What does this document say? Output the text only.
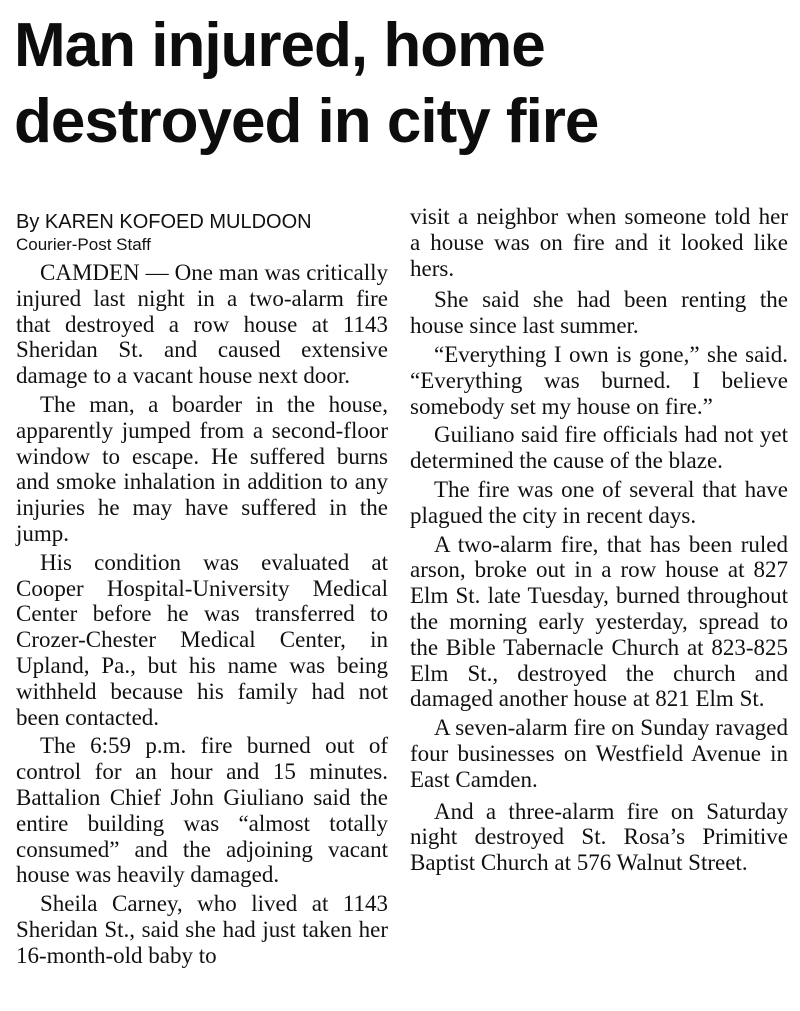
Man injured, home
destroyed in city fire

By KAREN KOFOED MULDOON

Courier-Post Staff

CAMDEN — One man was critically injured last night in a two-alarm fire that destroyed a row house at 1143 Sheridan St. and caused extensive damage to a vacant house next door.

The man, a boarder in the house, apparently jumped from a second-floor window to escape. He suffered burns and smoke inhalation in addition to any injuries he may have suffered in the jump.

His condition was evaluated at Cooper Hospital-University Medical Center before he was transferred to Crozer-Chester Medical Center, in Upland, Pa., but his name was being withheld because his family had not been contacted.

The 6:59 p.m. fire burned out of control for an hour and 15 minutes. Battalion Chief John Giuliano said the entire building was “almost totally consumed” and the adjoining vacant house was heavily damaged.

Sheila Carney, who lived at 1143 Sheridan St., said she had just taken her 16-month-old baby to

visit a neighbor when someone told her a house was on fire and it looked like hers.

She said she had been renting the house since last summer.

“Everything I own is gone,” she said. “Everything was burned. I believe somebody set my house on fire.”

Guiliano said fire officials had not yet determined the cause of the blaze.

The fire was one of several that have plagued the city in recent days.

A two-alarm fire, that has been ruled arson, broke out in a row house at 827 Elm St. late Tuesday, burned throughout the morning early yesterday, spread to the Bible Tabernacle Church at 823-825 Elm St., destroyed the church and damaged another house at 821 Elm St.

A seven-alarm fire on Sunday ravaged four businesses on Westfield Avenue in East Camden.

And a three-alarm fire on Saturday night destroyed St. Rosa’s Primitive Baptist Church at 576 Walnut Street.
